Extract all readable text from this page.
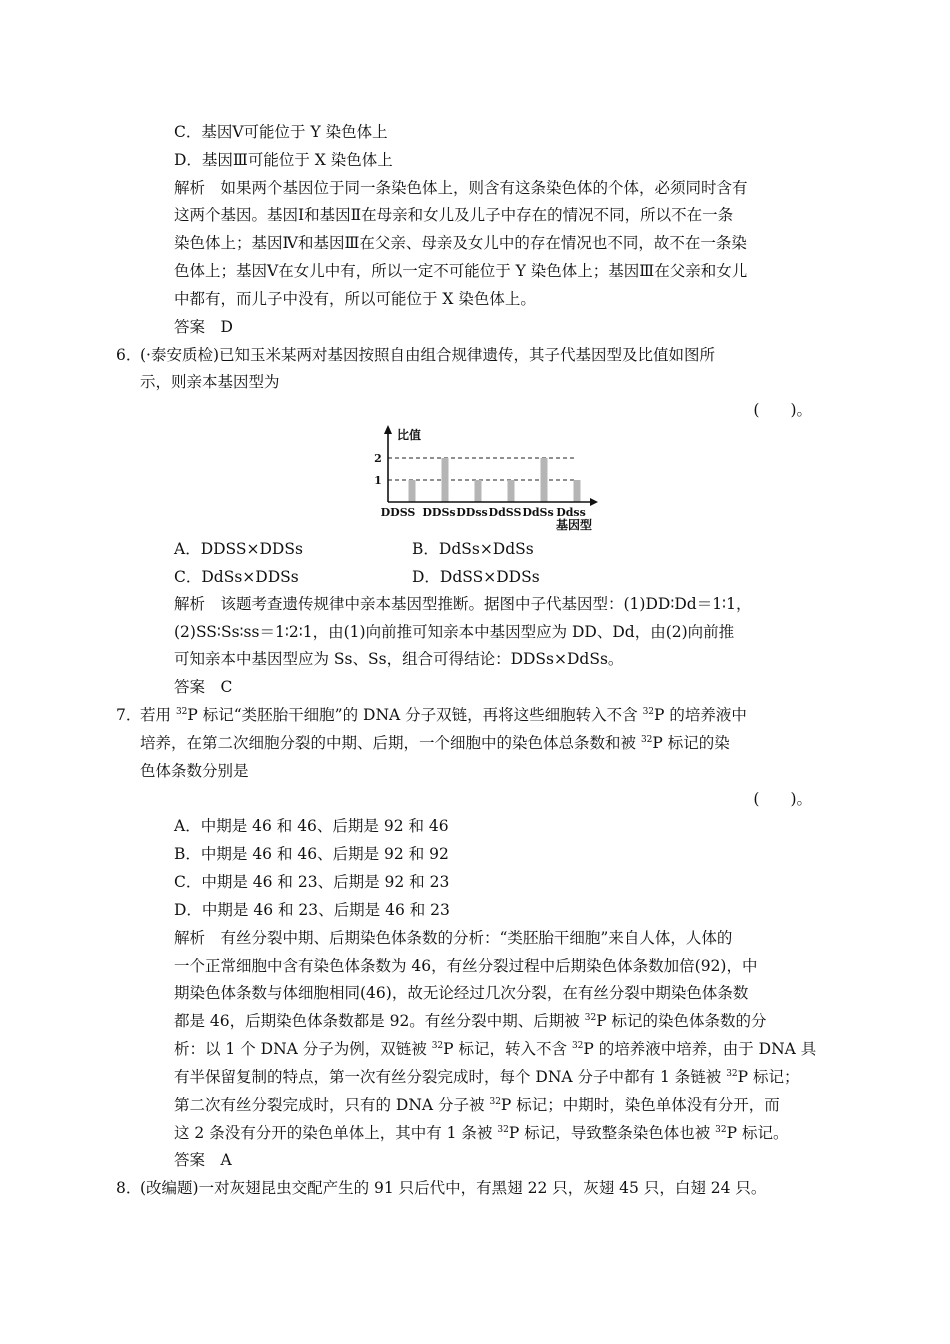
C．基因Ⅴ可能位于 Y 染色体上
D．基因Ⅲ可能位于 X 染色体上
解析　如果两个基因位于同一条染色体上，则含有这条染色体的个体，必须同时含有
这两个基因。基因Ⅰ和基因Ⅱ在母亲和女儿及儿子中存在的情况不同，所以不在一条
染色体上；基因Ⅳ和基因Ⅲ在父亲、母亲及女儿中的存在情况也不同，故不在一条染
色体上；基因Ⅴ在女儿中有，所以一定不可能位于 Y 染色体上；基因Ⅲ在父亲和女儿
中都有，而儿子中没有，所以可能位于 X 染色体上。
答案　D
6．
(·泰安质检)已知玉米某两对基因按照自由组合规律遗传，其子代基因型及比值如图所
示，则亲本基因型为
(　　)。
比值
1
2
DDSS DDSs DDss DdSS DdSs Ddss
基因型
A．DDSS×DDSs	B．DdSs×DdSs
C．DdSs×DDSs	D．DdSS×DDSs
解析　该题考查遗传规律中亲本基因型推断。据图中子代基因型：(1)DD∶Dd＝1∶1，
(2)SS∶Ss∶ss＝1∶2∶1，由(1)向前推可知亲本中基因型应为 DD、Dd，由(2)向前推
可知亲本中基因型应为 Ss、Ss，组合可得结论：DDSs×DdSs。
答案　C
7．
若用 $^{32}$P 标记“类胚胎干细胞”的 DNA 分子双链，再将这些细胞转入不含 $^{32}$P 的培养液中
培养，在第二次细胞分裂的中期、后期，一个细胞中的染色体总条数和被 $^{32}$P 标记的染
色体条数分别是
(　　)。
A．中期是 46 和 46、后期是 92 和 46
B．中期是 46 和 46、后期是 92 和 92
C．中期是 46 和 23、后期是 92 和 23
D．中期是 46 和 23、后期是 46 和 23
解析　有丝分裂中期、后期染色体条数的分析：“类胚胎干细胞”来自人体，人体的
一个正常细胞中含有染色体条数为 46，有丝分裂过程中后期染色体条数加倍(92)，中
期染色体条数与体细胞相同(46)，故无论经过几次分裂，在有丝分裂中期染色体条数
都是 46，后期染色体条数都是 92。有丝分裂中期、后期被 $^{32}$P 标记的染色体条数的分
析：以 1 个 DNA 分子为例，双链被 $^{32}$P 标记，转入不含 $^{32}$P 的培养液中培养，由于 DNA 具
有半保留复制的特点，第一次有丝分裂完成时，每个 DNA 分子中都有 1 条链被 $^{32}$P 标记；
第二次有丝分裂完成时，只有的 DNA 分子被 $^{32}$P 标记；中期时，染色单体没有分开，而
这 2 条没有分开的染色单体上，其中有 1 条被 $^{32}$P 标记，导致整条染色体也被 $^{32}$P 标记。
答案　A
8．
(改编题)一对灰翅昆虫交配产生的 91 只后代中，有黑翅 22 只，灰翅 45 只，白翅 24 只。
